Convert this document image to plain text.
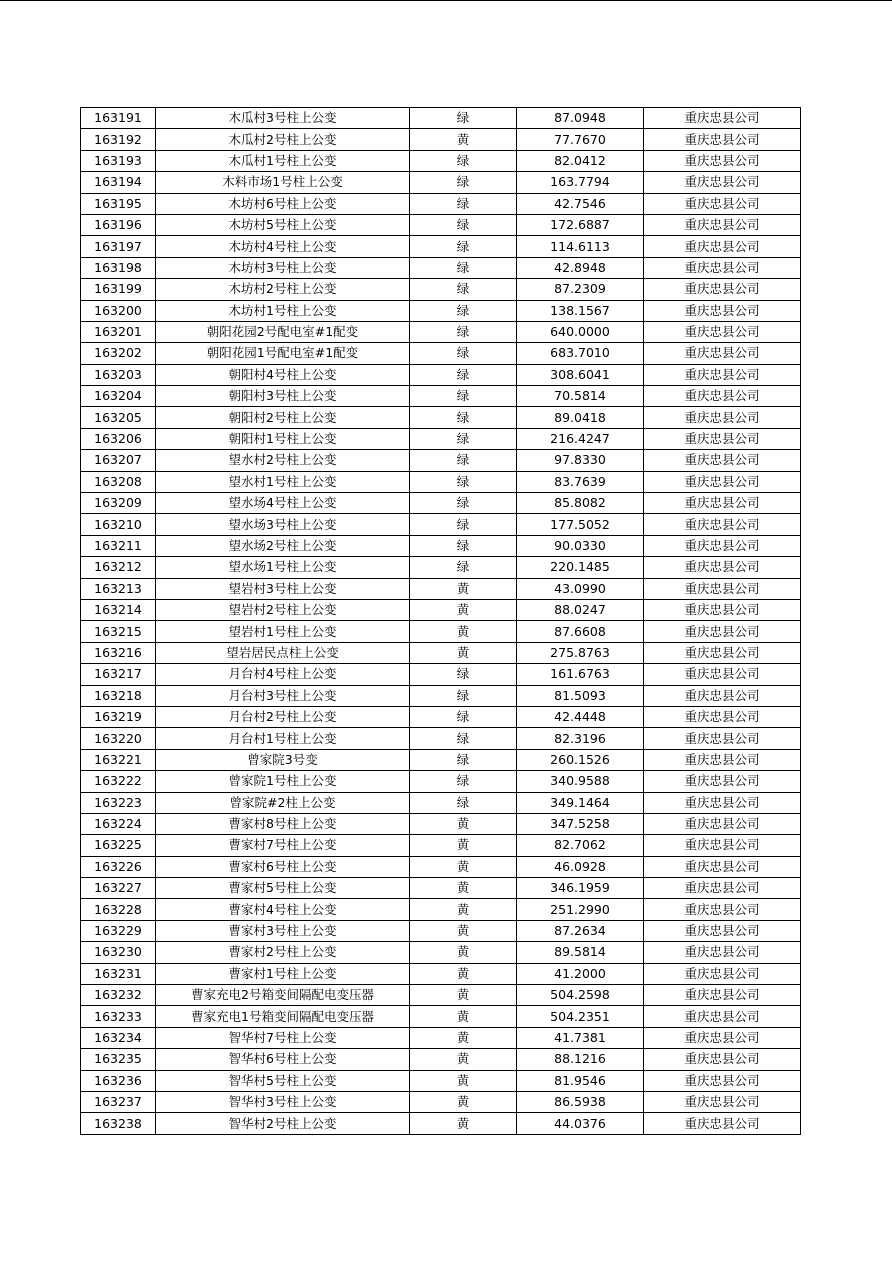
163191	木瓜村3号柱上公变	绿	87.0948	重庆忠县公司
163192	木瓜村2号柱上公变	黄	77.7670	重庆忠县公司
163193	木瓜村1号柱上公变	绿	82.0412	重庆忠县公司
163194	木料市场1号柱上公变	绿	163.7794	重庆忠县公司
163195	木坊村6号柱上公变	绿	42.7546	重庆忠县公司
163196	木坊村5号柱上公变	绿	172.6887	重庆忠县公司
163197	木坊村4号柱上公变	绿	114.6113	重庆忠县公司
163198	木坊村3号柱上公变	绿	42.8948	重庆忠县公司
163199	木坊村2号柱上公变	绿	87.2309	重庆忠县公司
163200	木坊村1号柱上公变	绿	138.1567	重庆忠县公司
163201	朝阳花园2号配电室#1配变	绿	640.0000	重庆忠县公司
163202	朝阳花园1号配电室#1配变	绿	683.7010	重庆忠县公司
163203	朝阳村4号柱上公变	绿	308.6041	重庆忠县公司
163204	朝阳村3号柱上公变	绿	70.5814	重庆忠县公司
163205	朝阳村2号柱上公变	绿	89.0418	重庆忠县公司
163206	朝阳村1号柱上公变	绿	216.4247	重庆忠县公司
163207	望水村2号柱上公变	绿	97.8330	重庆忠县公司
163208	望水村1号柱上公变	绿	83.7639	重庆忠县公司
163209	望水场4号柱上公变	绿	85.8082	重庆忠县公司
163210	望水场3号柱上公变	绿	177.5052	重庆忠县公司
163211	望水场2号柱上公变	绿	90.0330	重庆忠县公司
163212	望水场1号柱上公变	绿	220.1485	重庆忠县公司
163213	望岩村3号柱上公变	黄	43.0990	重庆忠县公司
163214	望岩村2号柱上公变	黄	88.0247	重庆忠县公司
163215	望岩村1号柱上公变	黄	87.6608	重庆忠县公司
163216	望岩居民点柱上公变	黄	275.8763	重庆忠县公司
163217	月台村4号柱上公变	绿	161.6763	重庆忠县公司
163218	月台村3号柱上公变	绿	81.5093	重庆忠县公司
163219	月台村2号柱上公变	绿	42.4448	重庆忠县公司
163220	月台村1号柱上公变	绿	82.3196	重庆忠县公司
163221	曾家院3号变	绿	260.1526	重庆忠县公司
163222	曾家院1号柱上公变	绿	340.9588	重庆忠县公司
163223	曾家院#2柱上公变	绿	349.1464	重庆忠县公司
163224	曹家村8号柱上公变	黄	347.5258	重庆忠县公司
163225	曹家村7号柱上公变	黄	82.7062	重庆忠县公司
163226	曹家村6号柱上公变	黄	46.0928	重庆忠县公司
163227	曹家村5号柱上公变	黄	346.1959	重庆忠县公司
163228	曹家村4号柱上公变	黄	251.2990	重庆忠县公司
163229	曹家村3号柱上公变	黄	87.2634	重庆忠县公司
163230	曹家村2号柱上公变	黄	89.5814	重庆忠县公司
163231	曹家村1号柱上公变	黄	41.2000	重庆忠县公司
163232	曹家充电2号箱变间隔配电变压器	黄	504.2598	重庆忠县公司
163233	曹家充电1号箱变间隔配电变压器	黄	504.2351	重庆忠县公司
163234	智华村7号柱上公变	黄	41.7381	重庆忠县公司
163235	智华村6号柱上公变	黄	88.1216	重庆忠县公司
163236	智华村5号柱上公变	黄	81.9546	重庆忠县公司
163237	智华村3号柱上公变	黄	86.5938	重庆忠县公司
163238	智华村2号柱上公变	黄	44.0376	重庆忠县公司
